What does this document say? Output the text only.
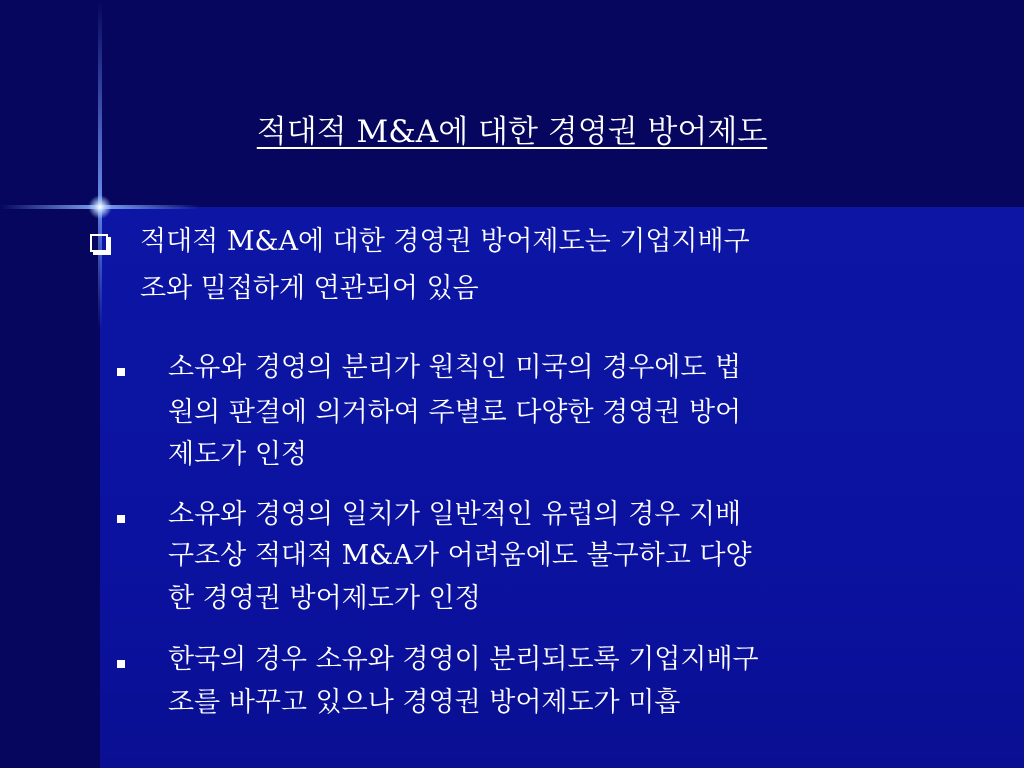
적대적 M&A에 대한 경영권 방어제도
적대적 M&A에 대한 경영권 방어제도는 기업지배구
조와 밀접하게 연관되어 있음
소유와 경영의 분리가 원칙인 미국의 경우에도 법
원의 판결에 의거하여 주별로 다양한 경영권 방어
제도가 인정
소유와 경영의 일치가 일반적인 유럽의 경우 지배
구조상 적대적 M&A가 어려움에도 불구하고 다양
한 경영권 방어제도가 인정
한국의 경우 소유와 경영이 분리되도록 기업지배구
조를 바꾸고 있으나 경영권 방어제도가 미흡
